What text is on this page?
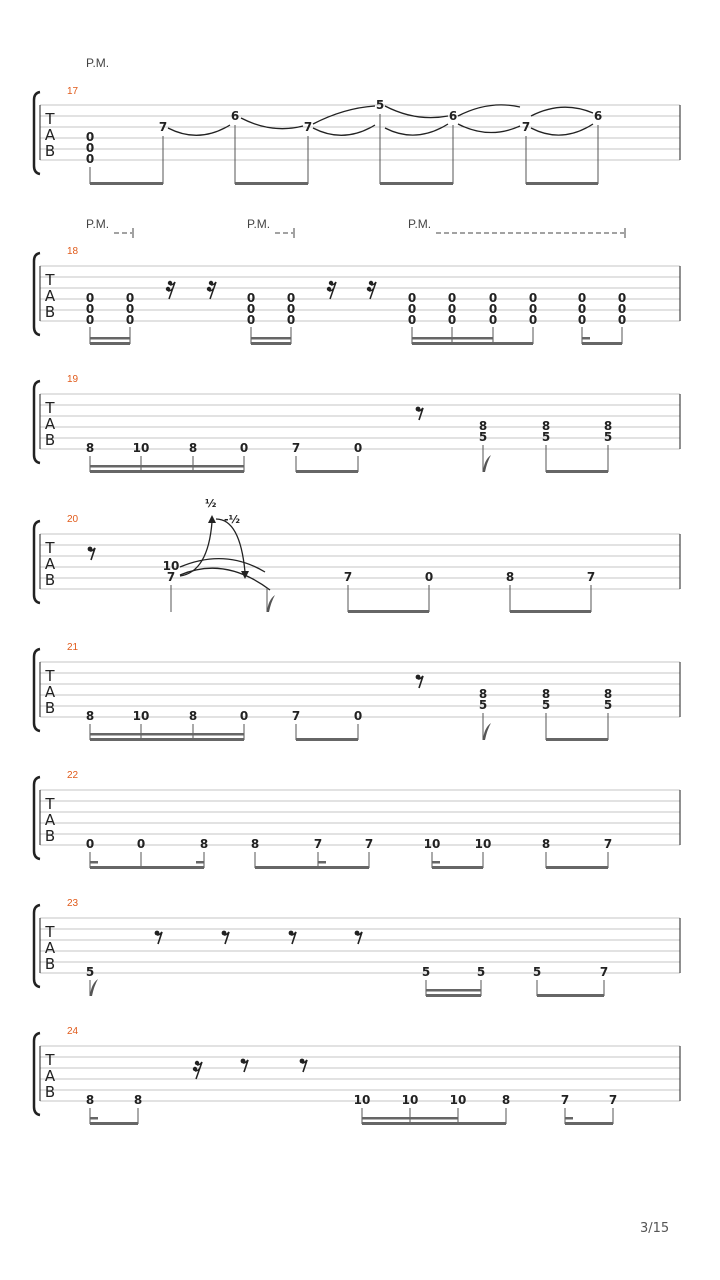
T
A
B
17
P.M.
0
0
0
7
6
7
5
6
7
6
T
A
B
18
P.M.	P.M.	P.M.
0
0
0
0
0
0
0
0
0
0
0
0
0
0
0
0
0
0
0
0
0
0
0
0
0
0
0
0
0
0
T
A
B
19
8	10	8	0	7	0
8
5
8
5
8
5
T
A
B
20
½
-½
10
7	7	0	8	7
T
A
B
21
8	10	8	0	7	0
8
5
8
5
8
5
T
A
B
22
0	0	8	8	7	7	10	10	8	7
T
A
B
23
5	5	5	5	7
T
A
B
24
8	8	10	10	10	8	7	7
3/15
